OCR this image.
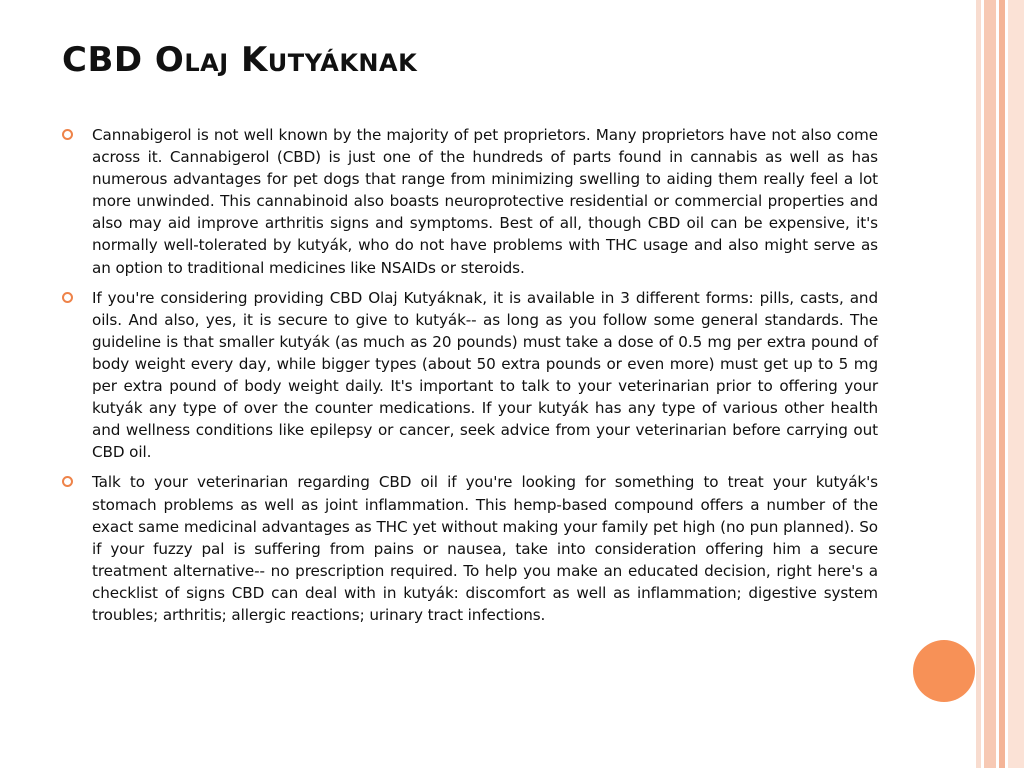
CBD Olaj Kutyáknak

Cannabigerol is not well known by the majority of pet proprietors. Many proprietors have not also come across it. Cannabigerol (CBD) is just one of the hundreds of parts found in cannabis as well as has numerous advantages for pet dogs that range from minimizing swelling to aiding them really feel a lot more unwinded. This cannabinoid also boasts neuroprotective residential or commercial properties and also may aid improve arthritis signs and symptoms. Best of all, though CBD oil can be expensive, it's normally well-tolerated by kutyák, who do not have problems with THC usage and also might serve as an option to traditional medicines like NSAIDs or steroids.

If you're considering providing CBD Olaj Kutyáknak, it is available in 3 different forms: pills, casts, and oils. And also, yes, it is secure to give to kutyák-- as long as you follow some general standards. The guideline is that smaller kutyák (as much as 20 pounds) must take a dose of 0.5 mg per extra pound of body weight every day, while bigger types (about 50 extra pounds or even more) must get up to 5 mg per extra pound of body weight daily. It's important to talk to your veterinarian prior to offering your kutyák any type of over the counter medications. If your kutyák has any type of various other health and wellness conditions like epilepsy or cancer, seek advice from your veterinarian before carrying out CBD oil.

Talk to your veterinarian regarding CBD oil if you're looking for something to treat your kutyák's stomach problems as well as joint inflammation. This hemp-based compound offers a number of the exact same medicinal advantages as THC yet without making your family pet high (no pun planned). So if your fuzzy pal is suffering from pains or nausea, take into consideration offering him a secure treatment alternative-- no prescription required. To help you make an educated decision, right here's a checklist of signs CBD can deal with in kutyák: discomfort as well as inflammation; digestive system troubles; arthritis; allergic reactions; urinary tract infections.
